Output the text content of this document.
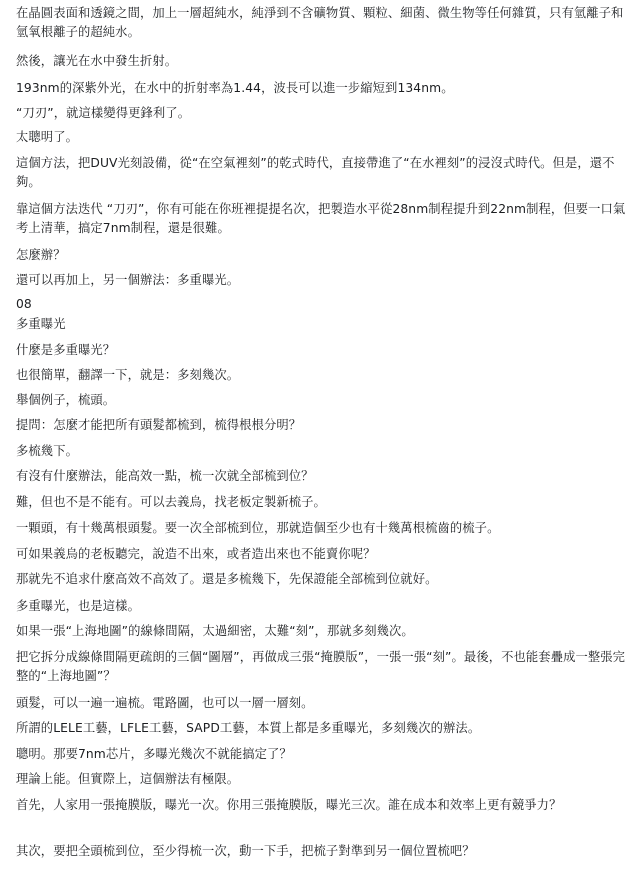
在晶圓表面和透鏡之間，加上一層超純水，純淨到不含礦物質、顆粒、細菌、微生物等任何雜質，只有氫離子和氫氧根離子的超純水。
然後，讓光在水中發生折射。
193nm的深紫外光，在水中的折射率為1.44，波長可以進一步縮短到134nm。
“刀刃”，就這樣變得更鋒利了。
太聰明了。
這個方法，把DUV光刻設備，從“在空氣裡刻”的乾式時代，直接帶進了“在水裡刻”的浸沒式時代。但是，還不夠。
靠這個方法迭代 “刀刃”，你有可能在你班裡提提名次，把製造水平從28nm制程提升到22nm制程，但要一口氣考上清華，搞定7nm制程，還是很難。
怎麼辦？
還可以再加上，另一個辦法：多重曝光。
08
多重曝光
什麼是多重曝光？
也很簡單，翻譯一下，就是：多刻幾次。
舉個例子，梳頭。
提問：怎麼才能把所有頭髮都梳到，梳得根根分明？
多梳幾下。
有沒有什麼辦法，能高效一點，梳一次就全部梳到位？
難，但也不是不能有。可以去義烏，找老板定製新梳子。
一顆頭，有十幾萬根頭髮。要一次全部梳到位，那就造個至少也有十幾萬根梳齒的梳子。
可如果義烏的老板聽完，說造不出來，或者造出來也不能賣你呢？
那就先不追求什麼高效不高效了。還是多梳幾下，先保證能全部梳到位就好。
多重曝光，也是這樣。
如果一張“上海地圖”的線條間隔，太過細密，太難“刻”，那就多刻幾次。
把它拆分成線條間隔更疏朗的三個“圖層”，再做成三張“掩膜版”，一張一張“刻”。最後，不也能套疊成一整張完整的“上海地圖”？
頭髮，可以一遍一遍梳。電路圖，也可以一層一層刻。
所謂的LELE工藝，LFLE工藝，SAPD工藝，本質上都是多重曝光，多刻幾次的辦法。
聰明。那要7nm芯片，多曝光幾次不就能搞定了？
理論上能。但實際上，這個辦法有極限。
首先，人家用一張掩膜版，曝光一次。你用三張掩膜版，曝光三次。誰在成本和效率上更有競爭力？
其次，要把全頭梳到位，至少得梳一次，動一下手，把梳子對準到另一個位置梳吧？
